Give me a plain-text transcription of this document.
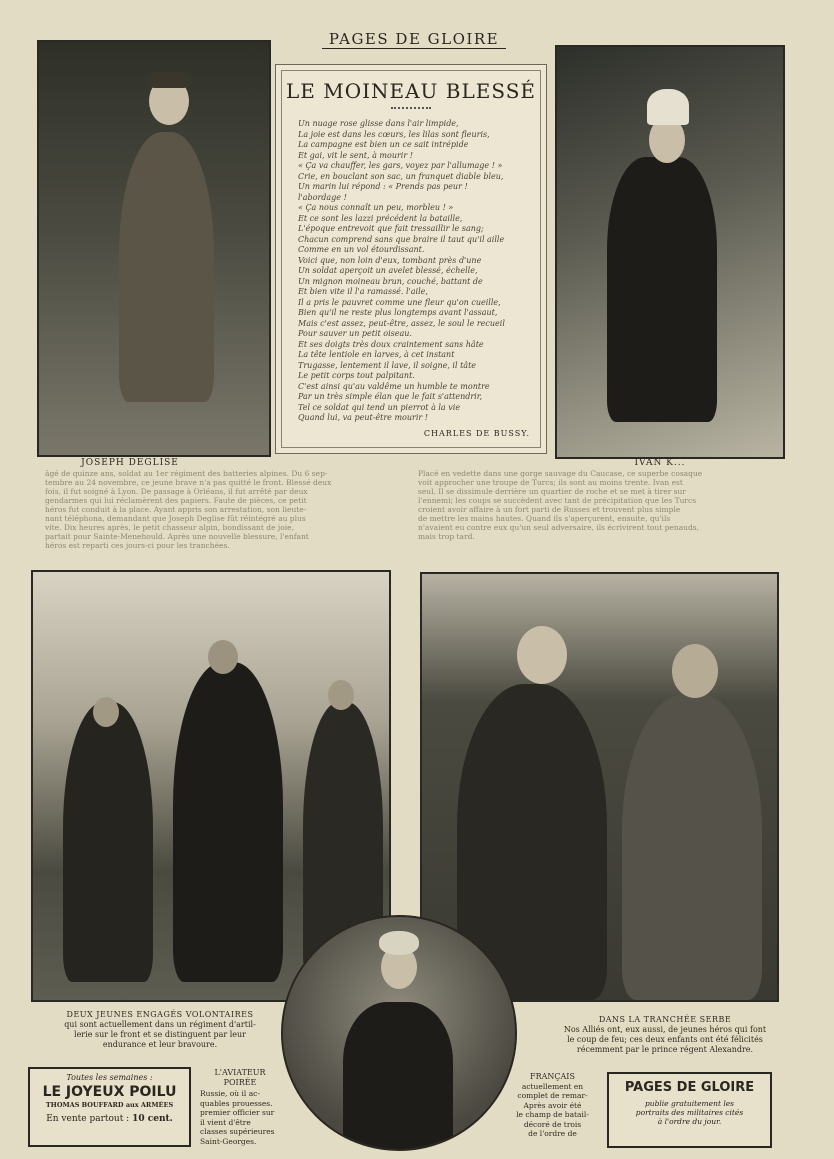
PAGES DE GLOIRE
LE MOINEAU BLESSÉ
Un nuage rose glisse dans l'air limpide,
La joie est dans les cœurs, les lilas sont fleuris,
La campagne est bien un ce sait intrépide
Et gai, vit le sent, à mourir !
« Ça va chauffer, les gars, voyez par l'allumage ! »
Crie, en bouclant son sac, un franquet diable bleu,
Un marin lui répond : « Prends pas peur !
l'abordage !
« Ça nous connaît un peu, morbleu ! »
Et ce sont les lazzi précédent la bataille,
L'époque entrevoit que fait tressaillir le sang;
Chacun comprend sans que braire il taut qu'il aille
Comme en un vol étourdissant.
Voici que, non loin d'eux, tombant près d'une
Un soldat aperçoit un avelet blessé, échelle,
Un mignon moineau brun, couché, battant de
Et bien vite il l'a ramassé. l'aile,
Il a pris le pauvret comme une fleur qu'on cueille,
Bien qu'il ne reste plus longtemps avant l'assaut,
Mais c'est assez, peut-être, assez, le soul le recueil
Pour sauver un petit oiseau.
Et ses doigts très doux craintement sans hâte
La tête lentiole en larves, à cet instant
Trugasse, lentement il lave, il soigne, il tâte
Le petit corps tout palpitant.
C'est ainsi qu'au valdême un humble te montre
Par un très simple élan que le fait s'attendrir,
Tel ce soldat qui tend un pierrot à la vie
Quand lui, va peut-être mourir !
CHARLES DE BUSSY.
JOSEPH DEGLISE
âgé de quinze ans, soldat au 1er régiment des batteries alpines. Du 6 sep-
tembre au 24 novembre, ce jeune brave n'a pas quitté le front. Blessé deux
fois, il fut soigné à Lyon. De passage à Orléans, il fut arrêté par deux
gendarmes qui lui réclamèrent des papiers. Faute de pièces, ce petit
héros fut conduit à la place. Ayant appris son arrestation, son lieute-
nant téléphona, demandant que Joseph Deglise fût réintégré au plus
vite. Dix heures après, le petit chasseur alpin, bondissant de joie,
partait pour Sainte-Menehould. Après une nouvelle blessure, l'enfant
héros est reparti ces jours-ci pour les tranchées.
IVAN K...
Placé en vedette dans une gorge sauvage du Caucase, ce superbe cosaque
voit approcher une troupe de Turcs; ils sont au moins trente. Ivan est
seul. Il se dissimule derrière un quartier de roche et se met à tirer sur
l'ennemi; les coups se succèdent avec tant de précipitation que les Turcs
croient avoir affaire à un fort parti de Russes et trouvent plus simple
de mettre les mains hautes. Quand ils s'aperçurent, ensuite, qu'ils
n'avaient eu contre eux qu'un seul adversaire, ils écrivirent tout penauds,
mais trop tard.
DEUX JEUNES ENGAGÉS VOLONTAIRES
qui sont actuellement dans un régiment d'artil-
lerie sur le front et se distinguent par leur
endurance et leur bravoure.
DANS LA TRANCHÉE SERBE
Nos Alliés ont, eux aussi, de jeunes héros qui font
le coup de feu; ces deux enfants ont été félicités
récemment par le prince régent Alexandre.
L'AVIATEUR POIRÉE
Russie, où il ac-
quables prouesses.
premier officier sur
il vient d'être
classes supérieures
Saint-Georges.
FRANÇAIS
actuellement en
complet de remar-
Après avoir été
le champ de batail-
décoré de trois
de l'ordre de
Toutes les semaines :
LE JOYEUX POILU
THOMAS BOUFFARD aux ARMÉES
En vente partout : 10 cent.
PAGES DE GLOIRE
publie gratuitement les
portraits des militaires cités
à l'ordre du jour.
